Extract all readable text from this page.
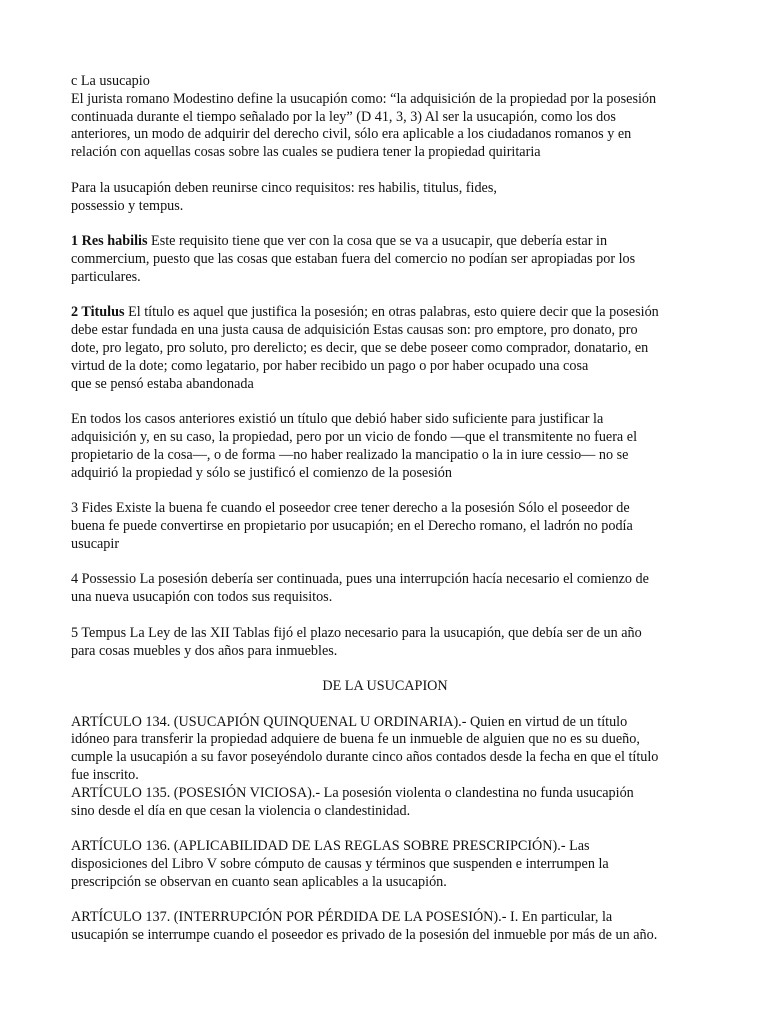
c La usucapio
El jurista romano Modestino define la usucapión como: “la adquisición de la propiedad por la posesión
continuada durante el tiempo señalado por la ley” (D 41, 3, 3) Al ser la usucapión, como los dos
anteriores, un modo de adquirir del derecho civil, sólo era aplicable a los ciudadanos romanos y en
relación con aquellas cosas sobre las cuales se pudiera tener la propiedad quiritaria
Para la usucapión deben reunirse cinco requisitos: res habilis, titulus, fides,
possessio y tempus.
1 Res habilis Este requisito tiene que ver con la cosa que se va a usucapir, que debería estar in
commercium, puesto que las cosas que estaban fuera del comercio no podían ser apropiadas por los
particulares.
2 Titulus El título es aquel que justifica la posesión; en otras palabras, esto quiere decir que la posesión
debe estar fundada en una justa causa de adquisición Estas causas son: pro emptore, pro donato, pro
dote, pro legato, pro soluto, pro derelicto; es decir, que se debe poseer como comprador, donatario, en
virtud de la dote; como legatario, por haber recibido un pago o por haber ocupado una cosa
que se pensó estaba abandonada
En todos los casos anteriores existió un título que debió haber sido suficiente para justificar la
adquisición y, en su caso, la propiedad, pero por un vicio de fondo —que el transmitente no fuera el
propietario de la cosa—, o de forma —no haber realizado la mancipatio o la in iure cessio— no se
adquirió la propiedad y sólo se justificó el comienzo de la posesión
3 Fides Existe la buena fe cuando el poseedor cree tener derecho a la posesión Sólo el poseedor de
buena fe puede convertirse en propietario por usucapión; en el Derecho romano, el ladrón no podía
usucapir
4 Possessio La posesión debería ser continuada, pues una interrupción hacía necesario el comienzo de
una nueva usucapión con todos sus requisitos.
5 Tempus La Ley de las XII Tablas fijó el plazo necesario para la usucapión, que debía ser de un año
para cosas muebles y dos años para inmuebles.
DE LA USUCAPION
ARTÍCULO 134. (USUCAPIÓN QUINQUENAL U ORDINARIA).- Quien en virtud de un título
idóneo para transferir la propiedad adquiere de buena fe un inmueble de alguien que no es su dueño,
cumple la usucapión a su favor poseyéndolo durante cinco años contados desde la fecha en que el título
fue inscrito.
ARTÍCULO 135. (POSESIÓN VICIOSA).- La posesión violenta o clandestina no funda usucapión
sino desde el día en que cesan la violencia o clandestinidad.
ARTÍCULO 136. (APLICABILIDAD DE LAS REGLAS SOBRE PRESCRIPCIÓN).- Las
disposiciones del Libro V sobre cómputo de causas y términos que suspenden e interrumpen la
prescripción se observan en cuanto sean aplicables a la usucapión.
ARTÍCULO 137. (INTERRUPCIÓN POR PÉRDIDA DE LA POSESIÓN).- I. En particular, la
usucapión se interrumpe cuando el poseedor es privado de la posesión del inmueble por más de un año.
